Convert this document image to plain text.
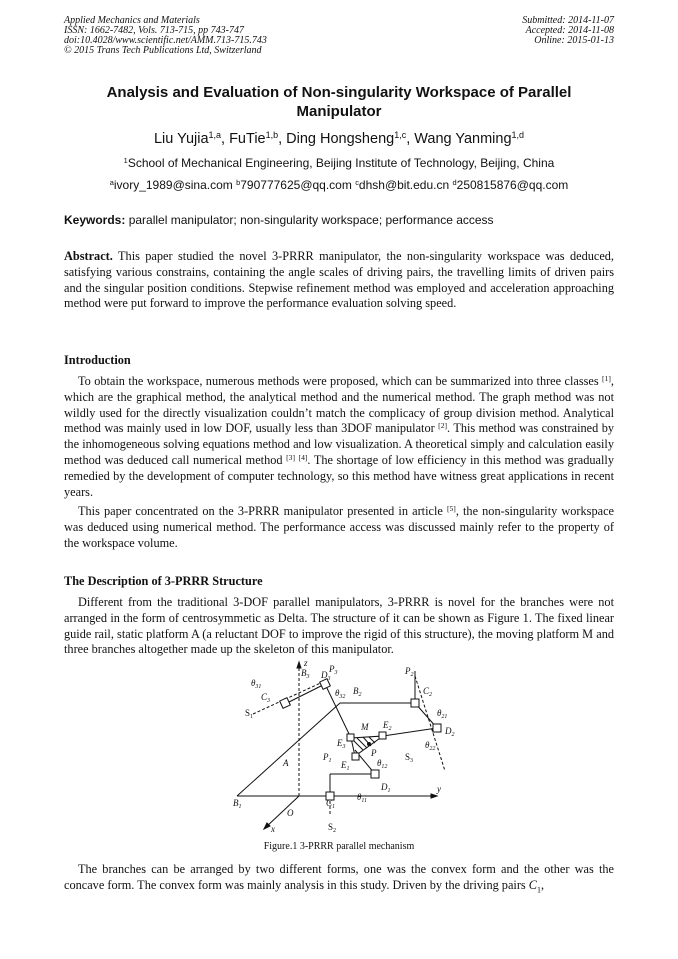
Applied Mechanics and Materials
ISSN: 1662-7482, Vols. 713-715, pp 743-747
doi:10.4028/www.scientific.net/AMM.713-715.743
© 2015 Trans Tech Publications Ltd, Switzerland
Submitted: 2014-11-07
Accepted: 2014-11-08
Online: 2015-01-13
Analysis and Evaluation of Non-singularity Workspace of Parallel Manipulator
Liu Yujia$^{1,a}$, FuTie$^{1,b}$, Ding Hongsheng$^{1,c}$, Wang Yanming$^{1,d}$
$^1$School of Mechanical Engineering, Beijing Institute of Technology, Beijing, China
$^a$ivory_1989@sina.com $^b$790777625@qq.com $^c$dhsh@bit.edu.cn $^d$250815876@qq.com
Keywords: parallel manipulator; non-singularity workspace; performance access

Abstract. This paper studied the novel 3-PRRR manipulator, the non-singularity workspace was deduced, satisfying various constrains, containing the angle scales of driving pairs, the travelling limits of driven pairs and the singular position conditions. Stepwise refinement method was employed and acceleration approaching method were put forward to improve the performance evaluation solving speed.

Introduction

To obtain the workspace, numerous methods were proposed, which can be summarized into three classes [1], which are the graphical method, the analytical method and the numerical method. The graph method was not wildly used for the directly visualization couldn’t match the complicacy of group division method. Analytical method was mainly used in low DOF, usually less than 3DOF manipulator [2]. This method was constrained by the inhomogeneous solving equations method and low visualization. A theoretical simply and calculation easily method was deduced call numerical method [3] [4]. The shortage of low efficiency in this method was gradually remedied by the development of computer technology, so this method have witness great applications in recent years.

This paper concentrated on the 3-PRRR manipulator presented in article [5], the non-singularity workspace was deduced using numerical method. The performance access was discussed mainly refer to the property of the workspace volume.

The Description of 3-PRRR Structure

Different from the traditional 3-DOF parallel manipulators, 3-PRRR is novel for the branches were not arranged in the form of centrosymmetic as Delta. The structure of it can be shown as Figure 1. The fixed linear guide rail, static platform A (a reluctant DOF to improve the rigid of this structure), the moving platform M and three branches altogether made up the skeleton of this manipulator.

z
x
y
O
A
M
P
$S_1$
$S_2$
$S_3$
$B_1$
$B_2$
$B_3$
$C_1$
$C_2$
$C_3$
$D_1$
$D_2$
$D_3$
$E_1$
$E_2$
$E_3$
$P_1$
$P_2$
$P_3$
$\theta_{11}$
$\theta_{12}$
$\theta_{21}$
$\theta_{22}$
$\theta_{31}$
$\theta_{32}$
Figure.1 3-PRRR parallel mechanism

The branches can be arranged by two different forms, one was the convex form and the other was the concave form. The convex form was mainly analysis in this study. Driven by the driving pairs $C_1$,
